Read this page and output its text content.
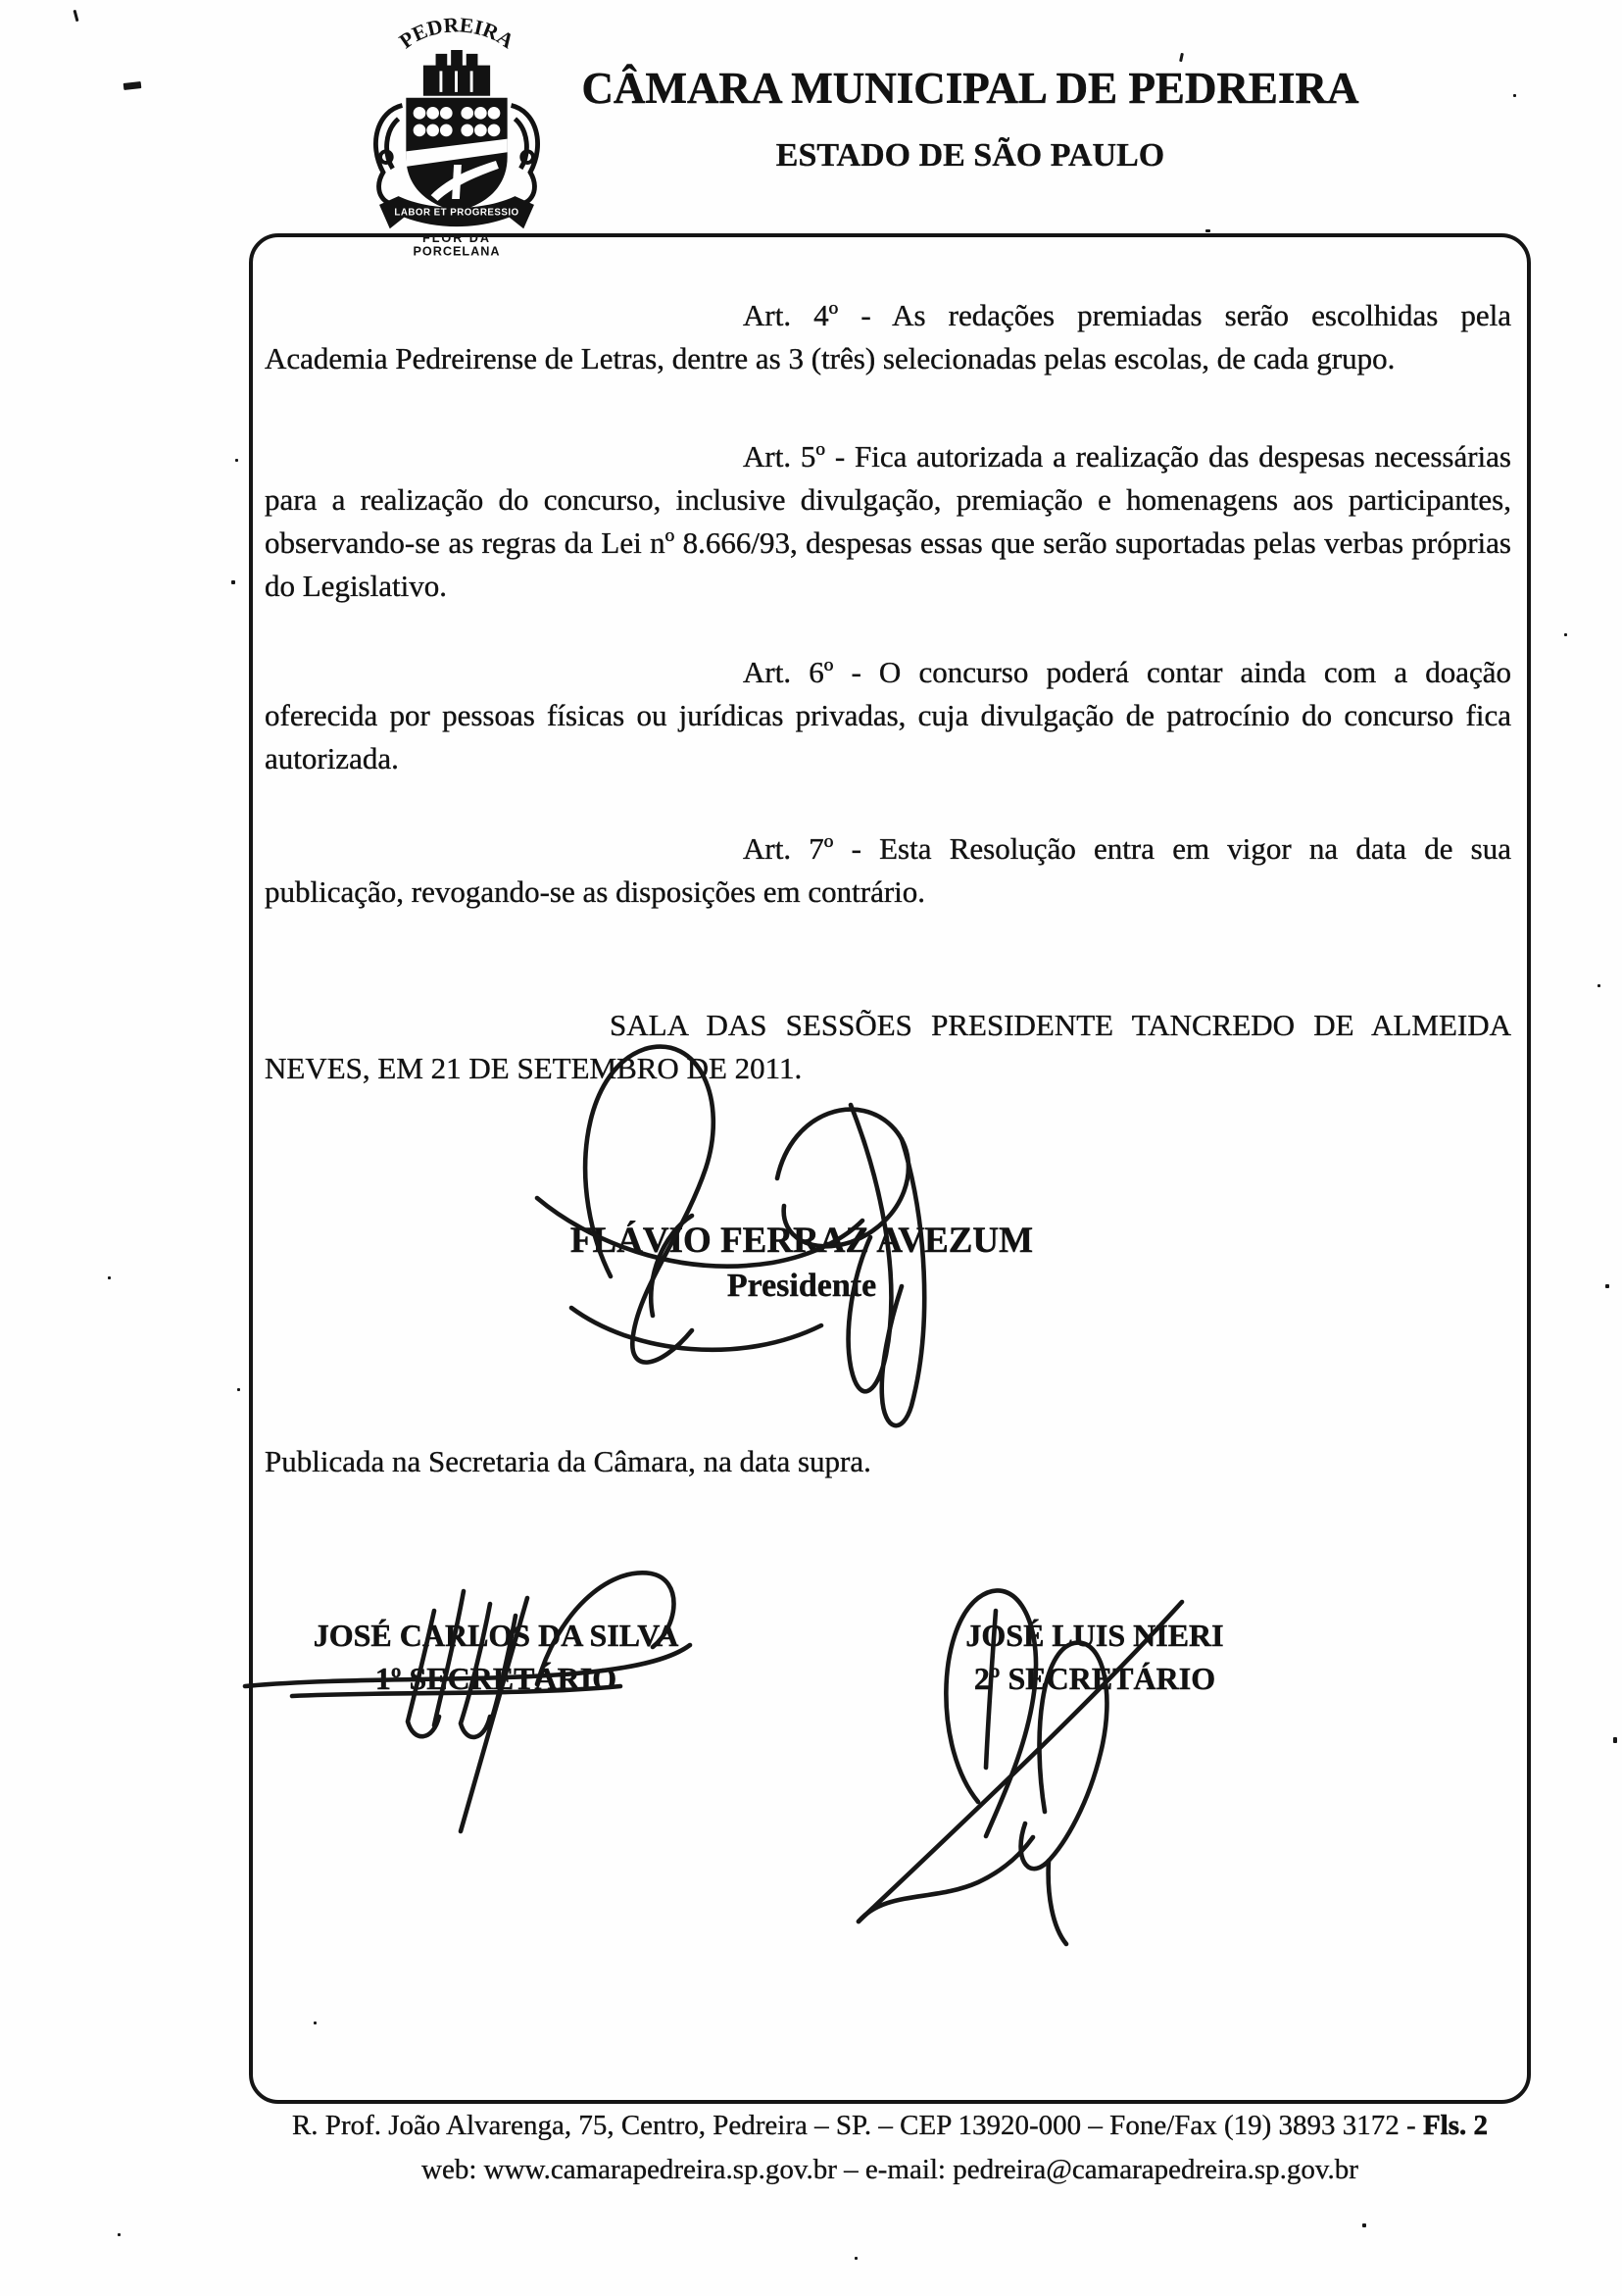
PEDREIRA
LABOR ET PROGRESSIO
FLOR DA
PORCELANA
CÂMARA MUNICIPAL DE PEDREIRA
ESTADO DE SÃO PAULO

Art. 4º - As redações premiadas serão escolhidas pela Academia Pedreirense de Letras, dentre as 3 (três) selecionadas pelas escolas, de cada grupo.

Art. 5º - Fica autorizada a realização das despesas necessárias para a realização do concurso, inclusive divulgação, premiação e homenagens aos participantes, observando-se as regras da Lei nº 8.666/93, despesas essas que serão suportadas pelas verbas próprias do Legislativo.

Art. 6º - O concurso poderá contar ainda com a doação oferecida por pessoas físicas ou jurídicas privadas, cuja divulgação de patrocínio do concurso fica autorizada.

Art. 7º - Esta Resolução entra em vigor na data de sua publicação, revogando-se as disposições em contrário.

SALA DAS SESSÕES PRESIDENTE TANCREDO DE ALMEIDA NEVES, EM 21 DE SETEMBRO DE 2011.

FLÁVIO FERRAZ AVEZUM
Presidente

Publicada na Secretaria da Câmara, na data supra.

JOSÉ CARLOS DA SILVA
1º SECRETÁRIO
JOSÉ LUIS NIERI
2º SECRETÁRIO
R. Prof. João Alvarenga, 75, Centro, Pedreira – SP. – CEP 13920-000 – Fone/Fax (19) 3893 3172 - Fls. 2
web: www.camarapedreira.sp.gov.br – e-mail: pedreira@camarapedreira.sp.gov.br
